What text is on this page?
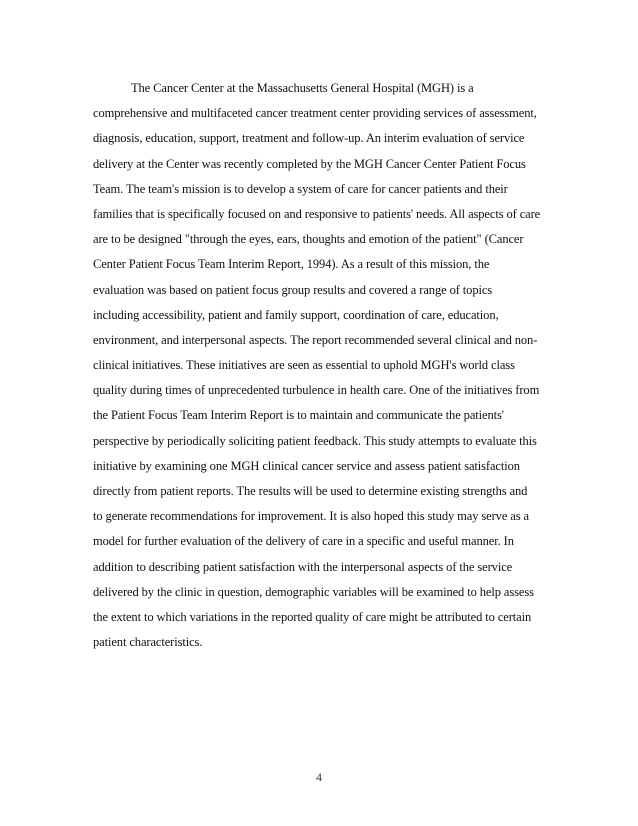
The Cancer Center at the Massachusetts General Hospital (MGH) is a
comprehensive and multifaceted cancer treatment center providing services of assessment,
diagnosis, education, support, treatment and follow-up. An interim evaluation of service
delivery at the Center was recently completed by the MGH Cancer Center Patient Focus
Team. The team's mission is to develop a system of care for cancer patients and their
families that is specifically focused on and responsive to patients' needs. All aspects of care
are to be designed "through the eyes, ears, thoughts and emotion of the patient" (Cancer
Center Patient Focus Team Interim Report, 1994). As a result of this mission, the
evaluation was based on patient focus group results and covered a range of topics
including accessibility, patient and family support, coordination of care, education,
environment, and interpersonal aspects. The report recommended several clinical and non-
clinical initiatives. These initiatives are seen as essential to uphold MGH's world class
quality during times of unprecedented turbulence in health care. One of the initiatives from
the Patient Focus Team Interim Report is to maintain and communicate the patients'
perspective by periodically soliciting patient feedback. This study attempts to evaluate this
initiative by examining one MGH clinical cancer service and assess patient satisfaction
directly from patient reports. The results will be used to determine existing strengths and
to generate recommendations for improvement. It is also hoped this study may serve as a
model for further evaluation of the delivery of care in a specific and useful manner. In
addition to describing patient satisfaction with the interpersonal aspects of the service
delivered by the clinic in question, demographic variables will be examined to help assess
the extent to which variations in the reported quality of care might be attributed to certain
patient characteristics.
4
